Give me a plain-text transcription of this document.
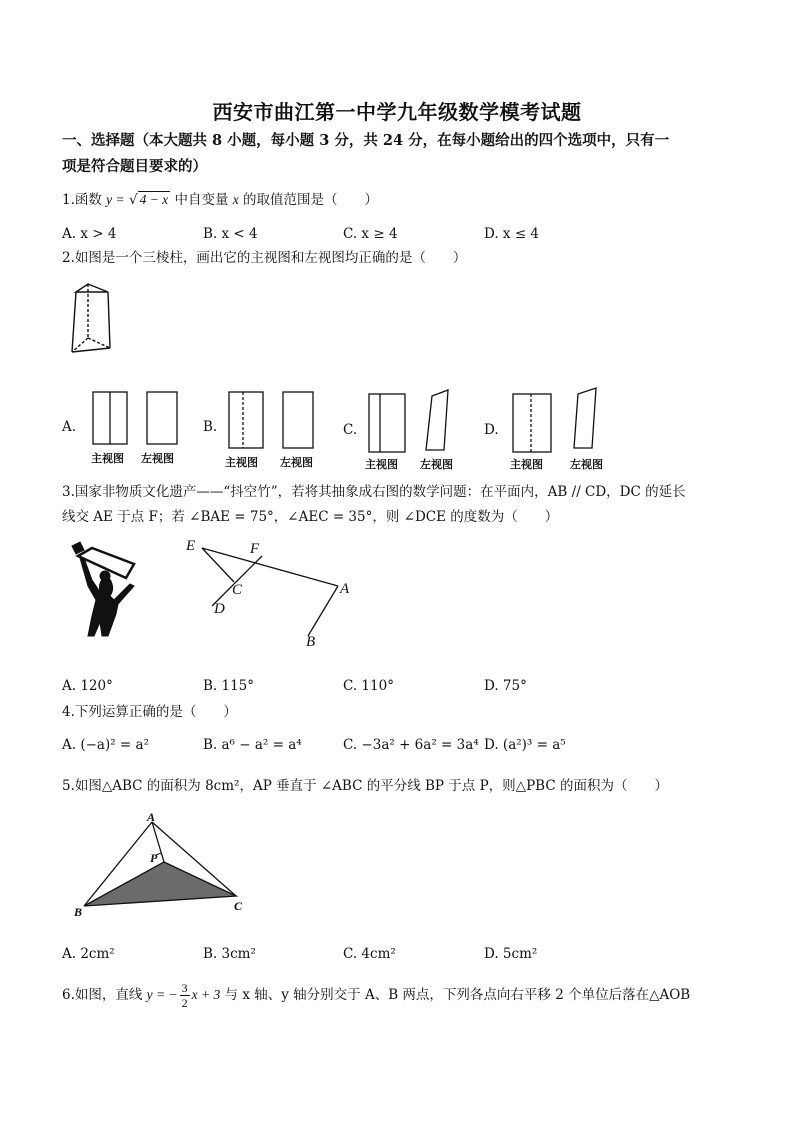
西安市曲江第一中学九年级数学模考试题
一、选择题（本大题共 8 小题，每小题 3 分，共 24 分，在每小题给出的四个选项中，只有一
项是符合题目要求的）
1.函数 y = √ 4 − x 中自变量 x 的取值范围是（　　）
A. x > 4	B. x < 4	C. x ≥ 4	D. x ≤ 4
2.如图是一个三棱柱，画出它的主视图和左视图均正确的是（　　）
A.
主视图 左视图
B.
主视图 左视图
C.
主视图 左视图
D.
主视图 左视图
3.国家非物质文化遗产——“抖空竹”，若将其抽象成右图的数学问题：在平面内，AB // CD，DC 的延长
线交 AE 于点 F；若 ∠BAE = 75°，∠AEC = 35°，则 ∠DCE 的度数为（　　）
E	F
C
D
A
B
A. 120°	B. 115°	C. 110°	D. 75°
4.下列运算正确的是（　　）
A. (−a)² = a²	B. a⁶ − a² = a⁴	C. −3a² + 6a² = 3a⁴ D. (a²)³ = a⁵
5.如图△ABC 的面积为 8cm²，AP 垂直于 ∠ABC 的平分线 BP 于点 P，则△PBC 的面积为（　　）
A
P
B	C
A. 2cm²	B. 3cm²	C. 4cm²	D. 5cm²
6.如图，直线 y = − $\frac{3}{2}$ x + 3 与 x 轴、y 轴分别交于 A、B 两点，下列各点向右平移 2 个单位后落在△AOB
